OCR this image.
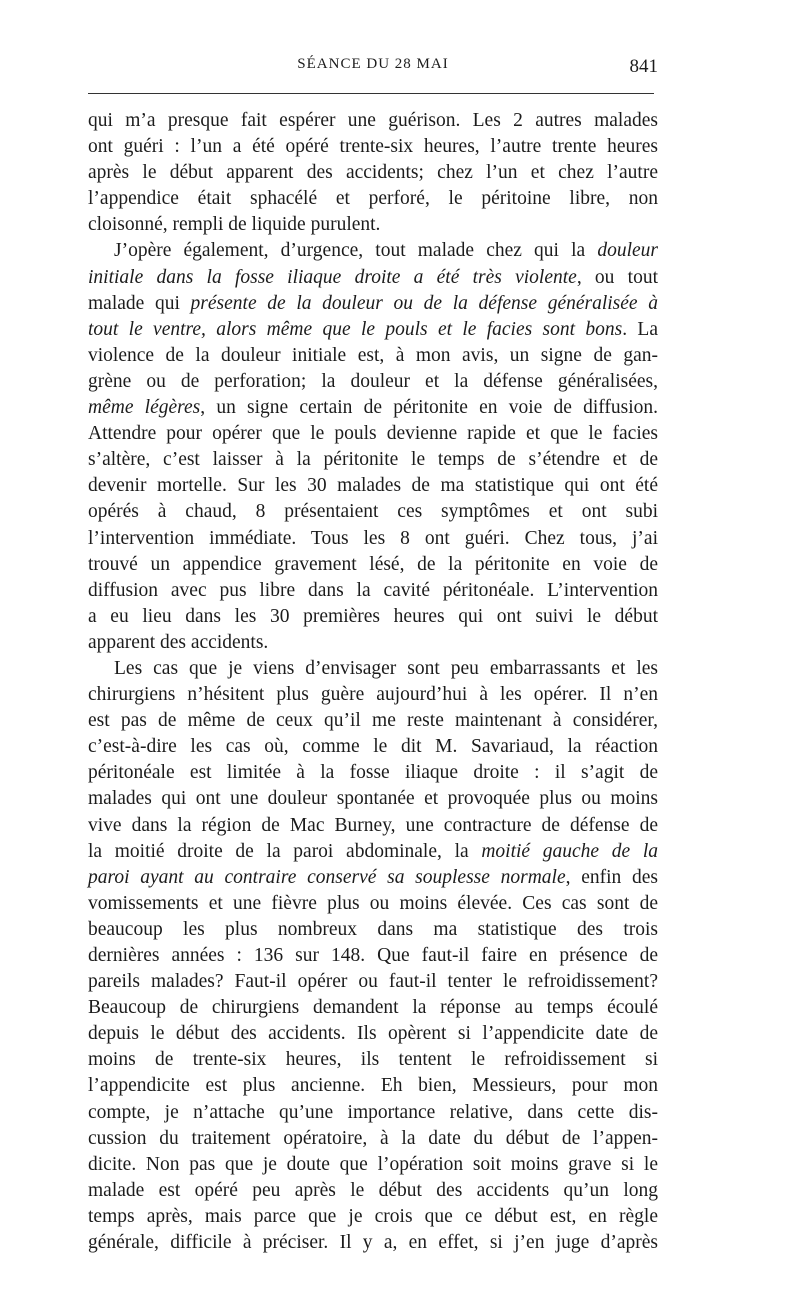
SÉANCE DU 28 MAI	841
qui m’a presque fait espérer une guérison. Les 2 autres malades
ont guéri : l’un a été opéré trente-six heures, l’autre trente heures
après le début apparent des accidents; chez l’un et chez l’autre
l’appendice était sphacélé et perforé, le péritoine libre, non
cloisonné, rempli de liquide purulent.
J’opère également, d’urgence, tout malade chez qui la douleur
initiale dans la fosse iliaque droite a été très violente, ou tout
malade qui présente de la douleur ou de la défense généralisée à
tout le ventre, alors même que le pouls et le facies sont bons. La
violence de la douleur initiale est, à mon avis, un signe de gan-
grène ou de perforation; la douleur et la défense généralisées,
même légères, un signe certain de péritonite en voie de diffusion.
Attendre pour opérer que le pouls devienne rapide et que le facies
s’altère, c’est laisser à la péritonite le temps de s’étendre et de
devenir mortelle. Sur les 30 malades de ma statistique qui ont été
opérés à chaud, 8 présentaient ces symptômes et ont subi
l’intervention immédiate. Tous les 8 ont guéri. Chez tous, j’ai
trouvé un appendice gravement lésé, de la péritonite en voie de
diffusion avec pus libre dans la cavité péritonéale. L’intervention
a eu lieu dans les 30 premières heures qui ont suivi le début
apparent des accidents.
Les cas que je viens d’envisager sont peu embarrassants et les
chirurgiens n’hésitent plus guère aujourd’hui à les opérer. Il n’en
est pas de même de ceux qu’il me reste maintenant à considérer,
c’est-à-dire les cas où, comme le dit M. Savariaud, la réaction
péritonéale est limitée à la fosse iliaque droite : il s’agit de
malades qui ont une douleur spontanée et provoquée plus ou moins
vive dans la région de Mac Burney, une contracture de défense de
la moitié droite de la paroi abdominale, la moitié gauche de la
paroi ayant au contraire conservé sa souplesse normale, enfin des
vomissements et une fièvre plus ou moins élevée. Ces cas sont de
beaucoup les plus nombreux dans ma statistique des trois
dernières années : 136 sur 148. Que faut-il faire en présence de
pareils malades? Faut-il opérer ou faut-il tenter le refroidissement?
Beaucoup de chirurgiens demandent la réponse au temps écoulé
depuis le début des accidents. Ils opèrent si l’appendicite date de
moins de trente-six heures, ils tentent le refroidissement si
l’appendicite est plus ancienne. Eh bien, Messieurs, pour mon
compte, je n’attache qu’une importance relative, dans cette dis-
cussion du traitement opératoire, à la date du début de l’appen-
dicite. Non pas que je doute que l’opération soit moins grave si le
malade est opéré peu après le début des accidents qu’un long
temps après, mais parce que je crois que ce début est, en règle
générale, difficile à préciser. Il y a, en effet, si j’en juge d’après
